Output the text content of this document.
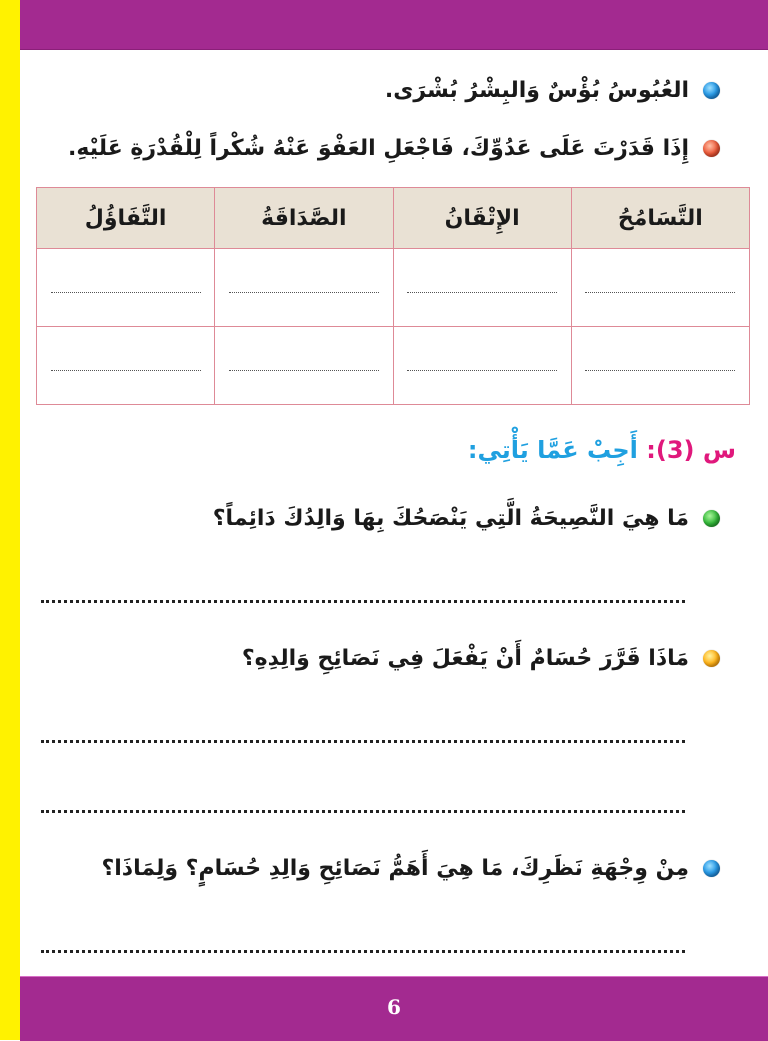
العُبُوسُ بُؤْسٌ وَالبِشْرُ بُشْرَى.
إِذَا قَدَرْتَ عَلَى عَدُوِّكَ، فَاجْعَلِ العَفْوَ عَنْهُ شُكْراً لِلْقُدْرَةِ عَلَيْهِ.
التَّسَامُحُ	الإِتْقَانُ	الصَّدَاقَةُ	التَّفَاؤُلُ

س (3): أَجِبْ عَمَّا يَأْتِي:
مَا هِيَ النَّصِيحَةُ الَّتِي يَنْصَحُكَ بِهَا وَالِدُكَ دَائِماً؟
مَاذَا قَرَّرَ حُسَامٌ أَنْ يَفْعَلَ فِي نَصَائِحِ وَالِدِهِ؟
مِنْ وِجْهَةِ نَظَرِكَ، مَا هِيَ أَهَمُّ نَصَائِحِ وَالِدِ حُسَامٍ؟ وَلِمَاذَا؟
6
